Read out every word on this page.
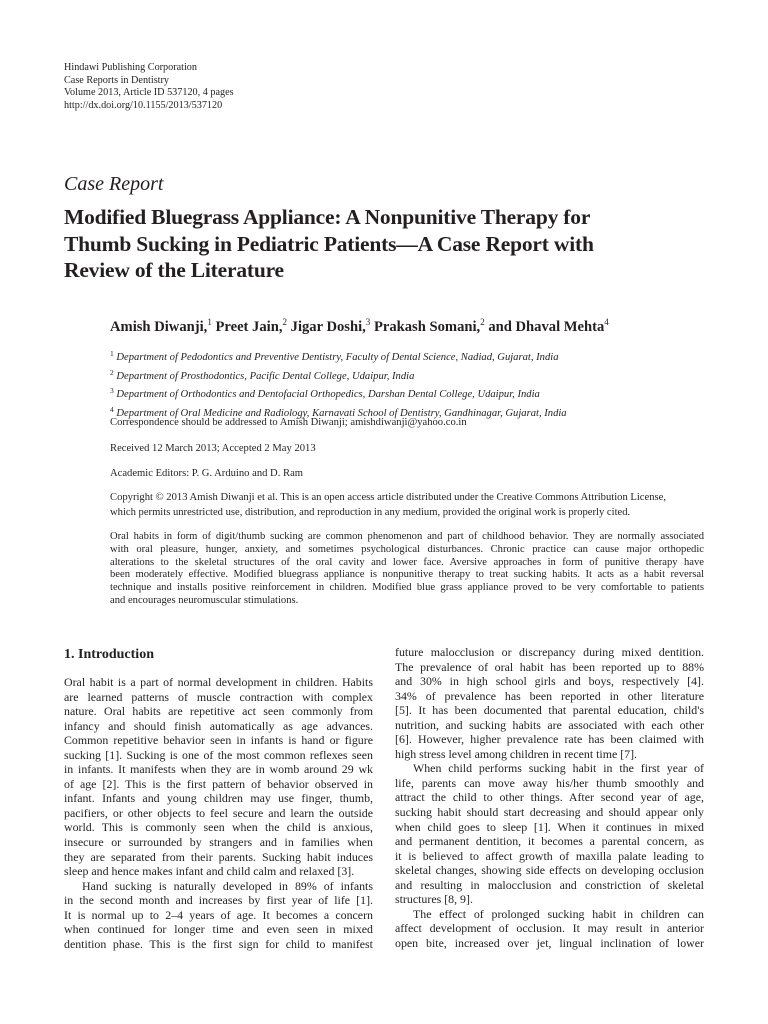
Hindawi Publishing Corporation
Case Reports in Dentistry
Volume 2013, Article ID 537120, 4 pages
http://dx.doi.org/10.1155/2013/537120
Case Report
Modified Bluegrass Appliance: A Nonpunitive Therapy for
Thumb Sucking in Pediatric Patients—A Case Report with
Review of the Literature
Amish Diwanji,$^1$ Preet Jain,$^2$ Jigar Doshi,$^3$ Prakash Somani,$^2$ and Dhaval Mehta$^4$
$^1$ Department of Pedodontics and Preventive Dentistry, Faculty of Dental Science, Nadiad, Gujarat, India
$^2$ Department of Prosthodontics, Pacific Dental College, Udaipur, India
$^3$ Department of Orthodontics and Dentofacial Orthopedics, Darshan Dental College, Udaipur, India
$^4$ Department of Oral Medicine and Radiology, Karnavati School of Dentistry, Gandhinagar, Gujarat, India
Correspondence should be addressed to Amish Diwanji; amishdiwanji@yahoo.co.in
Received 12 March 2013; Accepted 2 May 2013
Academic Editors: P. G. Arduino and D. Ram
Copyright © 2013 Amish Diwanji et al. This is an open access article distributed under the Creative Commons Attribution License,
which permits unrestricted use, distribution, and reproduction in any medium, provided the original work is properly cited.
Oral habits in form of digit/thumb sucking are common phenomenon and part of childhood behavior. They are normally associated
with oral pleasure, hunger, anxiety, and sometimes psychological disturbances. Chronic practice can cause major orthopedic
alterations to the skeletal structures of the oral cavity and lower face. Aversive approaches in form of punitive therapy have
been moderately effective. Modified bluegrass appliance is nonpunitive therapy to treat sucking habits. It acts as a habit reversal
technique and installs positive reinforcement in children. Modified blue grass appliance proved to be very comfortable to patients
and encourages neuromuscular stimulations.
1. Introduction
Oral habit is a part of normal development in children. Habits
are learned patterns of muscle contraction with complex
nature. Oral habits are repetitive act seen commonly from
infancy and should finish automatically as age advances.
Common repetitive behavior seen in infants is hand or figure
sucking [1]. Sucking is one of the most common reflexes seen
in infants. It manifests when they are in womb around 29 wk
of age [2]. This is the first pattern of behavior observed in
infant. Infants and young children may use finger, thumb,
pacifiers, or other objects to feel secure and learn the outside
world. This is commonly seen when the child is anxious,
insecure or surrounded by strangers and in families when
they are separated from their parents. Sucking habit induces
sleep and hence makes infant and child calm and relaxed [3].
Hand sucking is naturally developed in 89% of infants
in the second month and increases by first year of life [1].
It is normal up to 2–4 years of age. It becomes a concern
when continued for longer time and even seen in mixed
dentition phase. This is the first sign for child to manifest
future malocclusion or discrepancy during mixed dentition.
The prevalence of oral habit has been reported up to 88%
and 30% in high school girls and boys, respectively [4].
34% of prevalence has been reported in other literature
[5]. It has been documented that parental education, child's
nutrition, and sucking habits are associated with each other
[6]. However, higher prevalence rate has been claimed with
high stress level among children in recent time [7].
When child performs sucking habit in the first year of
life, parents can move away his/her thumb smoothly and
attract the child to other things. After second year of age,
sucking habit should start decreasing and should appear only
when child goes to sleep [1]. When it continues in mixed
and permanent dentition, it becomes a parental concern, as
it is believed to affect growth of maxilla palate leading to
skeletal changes, showing side effects on developing occlusion
and resulting in malocclusion and constriction of skeletal
structures [8, 9].
The effect of prolonged sucking habit in children can
affect development of occlusion. It may result in anterior
open bite, increased over jet, lingual inclination of lower
